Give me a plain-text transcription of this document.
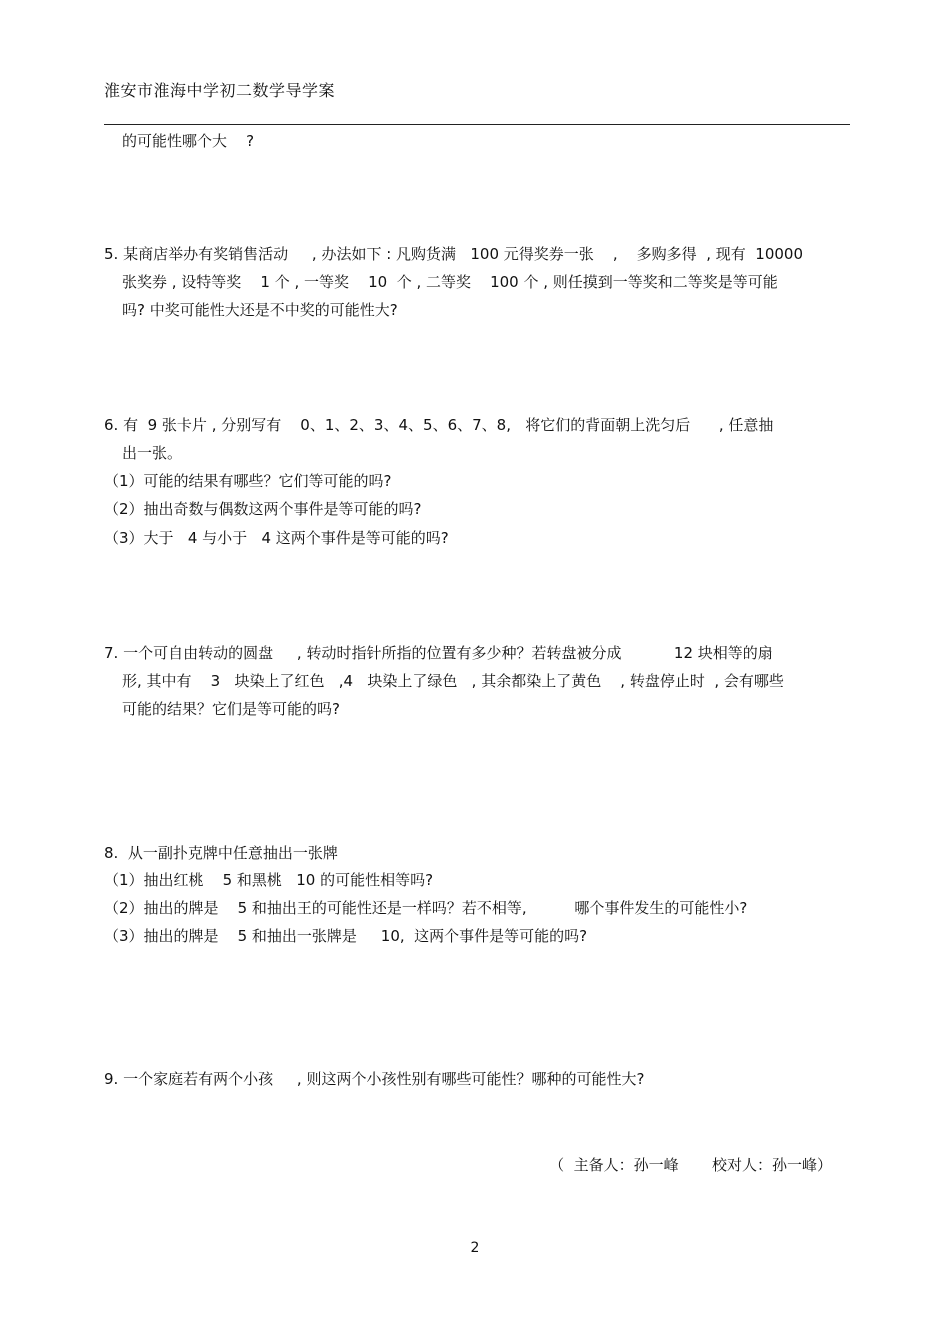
淮安市淮海中学初二数学导学案
的可能性哪个大    ?
5. 某商店举办有奖销售活动     , 办法如下 : 凡购货满   100 元得奖券一张    ,    多购多得  , 现有  10000
张奖券 , 设特等奖    1 个 , 一等奖    10  个 , 二等奖    100 个 , 则任摸到一等奖和二等奖是等可能
吗? 中奖可能性大还是不中奖的可能性大?
6. 有  9 张卡片 , 分别写有    0、1、2、3、4、5、6、7、8,   将它们的背面朝上洗匀后      , 任意抽
出一张。
（1）可能的结果有哪些？它们等可能的吗?
（2）抽出奇数与偶数这两个事件是等可能的吗?
（3）大于   4 与小于   4 这两个事件是等可能的吗?
7. 一个可自由转动的圆盘     , 转动时指针所指的位置有多少种？若转盘被分成           12 块相等的扇
形, 其中有    3   块染上了红色   ,4   块染上了绿色   , 其余都染上了黄色    , 转盘停止时  , 会有哪些
可能的结果？它们是等可能的吗?
8.  从一副扑克牌中任意抽出一张牌
（1）抽出红桃    5 和黑桃   10 的可能性相等吗?
（2）抽出的牌是    5 和抽出王的可能性还是一样吗？若不相等,          哪个事件发生的可能性小?
（3）抽出的牌是    5 和抽出一张牌是     10,  这两个事件是等可能的吗?
9. 一个家庭若有两个小孩     , 则这两个小孩性别有哪些可能性？哪种的可能性大?
（  主备人：孙一峰       校对人：孙一峰）
2
